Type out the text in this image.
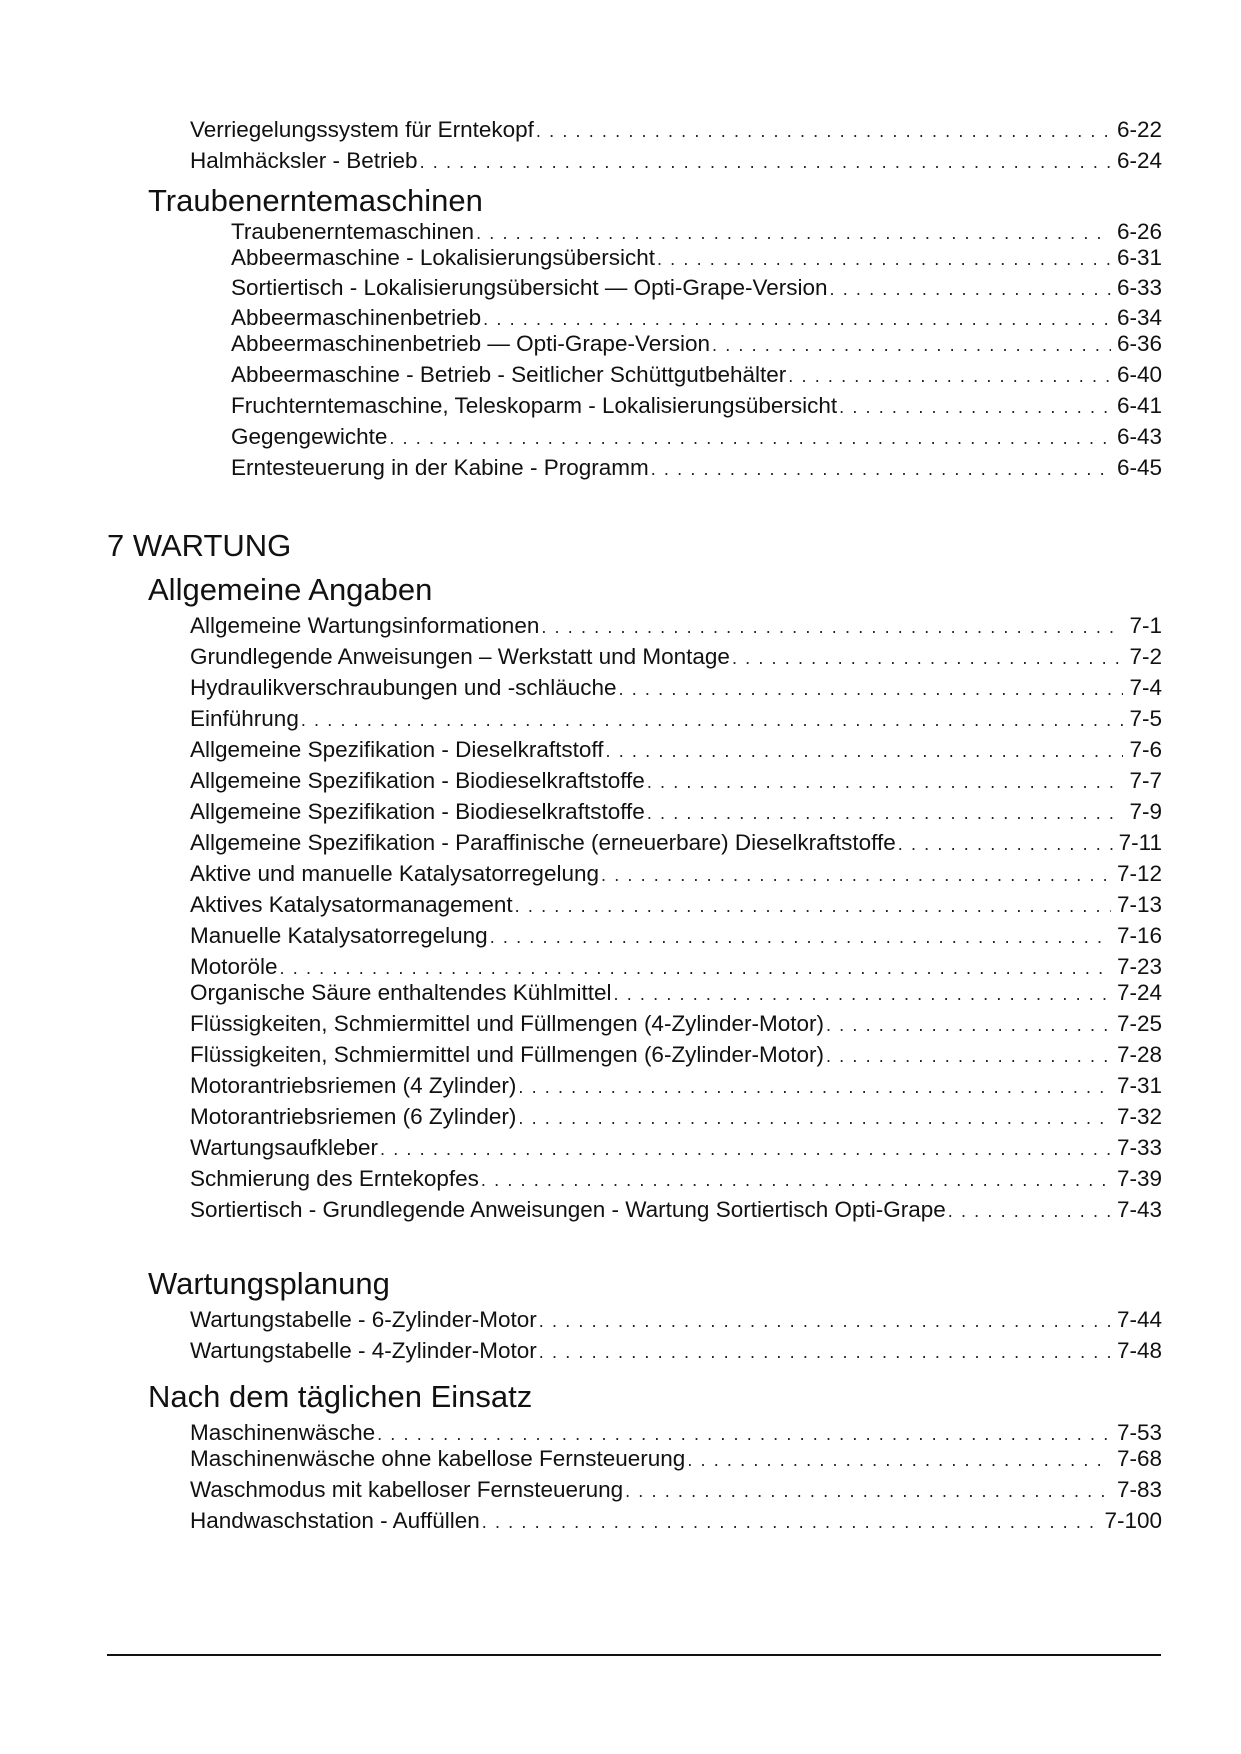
Verriegelungssystem für Erntekopf . . .	6-22
Halmhäcksler - Betrieb . . .	6-24
Traubenerntemaschinen
Traubenerntemaschinen . . .	6-26
Abbeermaschine - Lokalisierungsübersicht . . .	6-31
Sortiertisch - Lokalisierungsübersicht — Opti-Grape-Version . . .	6-33
Abbeermaschinenbetrieb . . .	6-34
Abbeermaschinenbetrieb — Opti-Grape-Version . . .	6-36
Abbeermaschine - Betrieb - Seitlicher Schüttgutbehälter . . .	6-40
Fruchterntemaschine, Teleskoparm - Lokalisierungsübersicht . . .	6-41
Gegengewichte . . .	6-43
Erntesteuerung in der Kabine - Programm . . .	6-45
7 WARTUNG
Allgemeine Angaben
Allgemeine Wartungsinformationen . . .	7-1
Grundlegende Anweisungen – Werkstatt und Montage . . .	7-2
Hydraulikverschraubungen und -schläuche . . .	7-4
Einführung . . .	7-5
Allgemeine Spezifikation - Dieselkraftstoff . . .	7-6
Allgemeine Spezifikation - Biodieselkraftstoffe . . .	7-7
Allgemeine Spezifikation - Biodieselkraftstoffe . . .	7-9
Allgemeine Spezifikation - Paraffinische (erneuerbare) Dieselkraftstoffe . . .	7-11
Aktive und manuelle Katalysatorregelung . . .	7-12
Aktives Katalysatormanagement . . .	7-13
Manuelle Katalysatorregelung . . .	7-16
Motoröle . . .	7-23
Organische Säure enthaltendes Kühlmittel . . .	7-24
Flüssigkeiten, Schmiermittel und Füllmengen (4-Zylinder-Motor) . . .	7-25
Flüssigkeiten, Schmiermittel und Füllmengen (6-Zylinder-Motor) . . .	7-28
Motorantriebsriemen (4 Zylinder) . . .	7-31
Motorantriebsriemen (6 Zylinder) . . .	7-32
Wartungsaufkleber . . .	7-33
Schmierung des Erntekopfes . . .	7-39
Sortiertisch - Grundlegende Anweisungen - Wartung Sortiertisch Opti-Grape . . .	7-43
Wartungsplanung
Wartungstabelle - 6-Zylinder-Motor . . .	7-44
Wartungstabelle - 4-Zylinder-Motor . . .	7-48
Nach dem täglichen Einsatz
Maschinenwäsche . . .	7-53
Maschinenwäsche ohne kabellose Fernsteuerung . . .	7-68
Waschmodus mit kabelloser Fernsteuerung . . .	7-83
Handwaschstation - Auffüllen . . .	7-100
